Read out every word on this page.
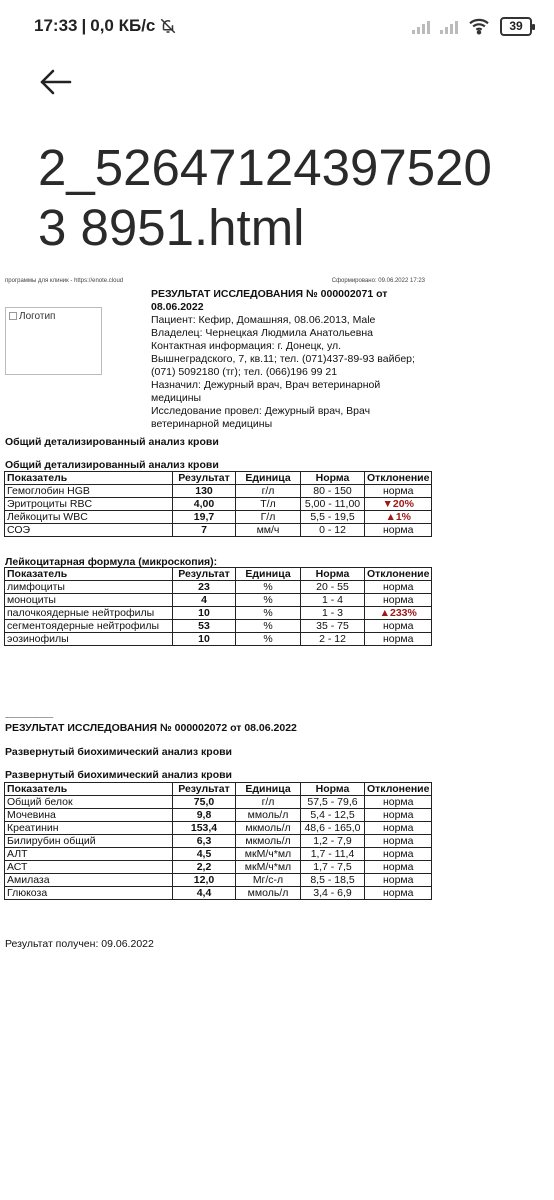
17:33 | 0,0 КБ/с	39
2_526471243975203 8951.html
программы для клиник - https://enote.cloud	Сформировано: 09.06.2022 17:23
Логотип
РЕЗУЛЬТАТ ИССЛЕДОВАНИЯ № 000002071 от 08.06.2022
Пациент: Кефир, Домашняя, 08.06.2013, Male
Владелец: Чернецкая Людмила Анатольевна
Контактная информация: г. Донецк, ул. Вышнеградского, 7, кв.11; тел. (071)437-89-93 вайбер; (071) 5092180 (тг); тел. (066)196 99 21
Назначил: Дежурный врач, Врач ветеринарной медицины
Исследование провел: Дежурный врач, Врач ветеринарной медицины
Общий детализированный анализ крови
Общий детализированный анализ крови
Показатель	Результат	Единица	Норма	Отклонение
Гемоглобин HGB	130	г/л	80 - 150	норма
Эритроциты RBC	4,00	Т/л	5,00 - 11,00	▼20%
Лейкоциты WBC	19,7	Г/л	5,5 - 19,5	▲1%
СОЭ	7	мм/ч	0 - 12	норма
Лейкоцитарная формула (микроскопия):
Показатель	Результат	Единица	Норма	Отклонение
лимфоциты	23	%	20 - 55	норма
моноциты	4	%	1 - 4	норма
палочкоядерные нейтрофилы	10	%	1 - 3	▲233%
сегментоядерные нейтрофилы	53	%	35 - 75	норма
эозинофилы	10	%	2 - 12	норма
--------------------------------
РЕЗУЛЬТАТ ИССЛЕДОВАНИЯ № 000002072 от 08.06.2022
Развернутый биохимический анализ крови
Развернутый биохимический анализ крови
Показатель	Результат	Единица	Норма	Отклонение
Общий белок	75,0	г/л	57,5 - 79,6	норма
Мочевина	9,8	ммоль/л	5,4 - 12,5	норма
Креатинин	153,4	мкмоль/л	48,6 - 165,0	норма
Билирубин общий	6,3	мкмоль/л	1,2 - 7,9	норма
АЛТ	4,5	мкМ/ч*мл	1,7 - 11,4	норма
АСТ	2,2	мкМ/ч*мл	1,7 - 7,5	норма
Амилаза	12,0	Мг/с-л	8,5 - 18,5	норма
Глюкоза	4,4	ммоль/л	3,4 - 6,9	норма
Результат получен: 09.06.2022
